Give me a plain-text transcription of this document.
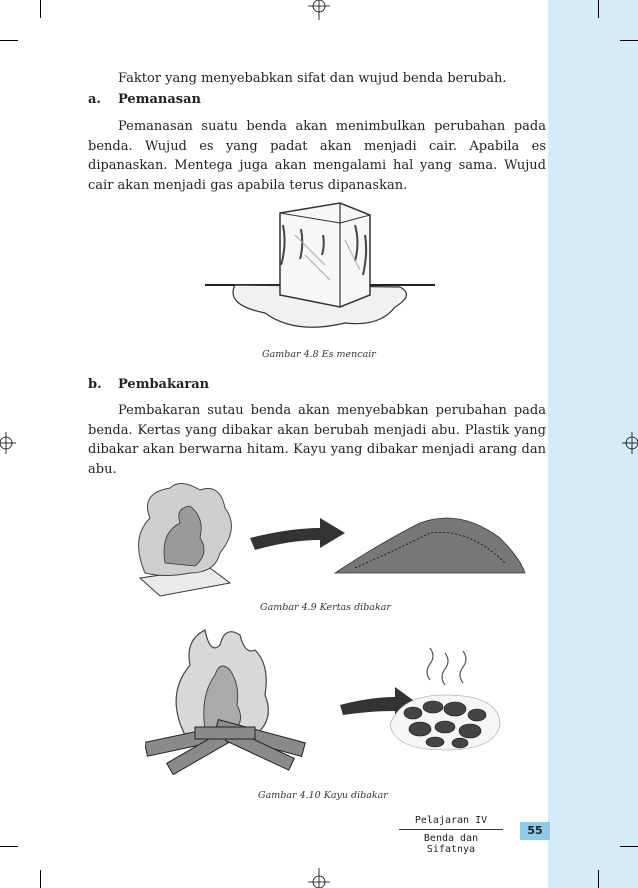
Faktor yang menyebabkan sifat dan wujud benda berubah.
a. Pemanasan
Pemanasan suatu benda akan menimbulkan perubahan pada benda. Wujud es yang padat akan menjadi cair. Apabila es dipanaskan. Mentega juga akan mengalami hal yang sama. Wujud cair akan menjadi gas apabila terus dipanaskan.
Gambar 4.8 Es mencair
b. Pembakaran
Pembakaran sutau benda akan menyebabkan perubahan pada benda. Kertas yang dibakar akan berubah menjadi abu. Plastik yang dibakar akan berwarna hitam. Kayu yang dibakar menjadi arang dan abu.
Gambar 4.9 Kertas dibakar
Gambar 4.10 Kayu dibakar
Pelajaran IV
Benda dan Sifatnya
55
